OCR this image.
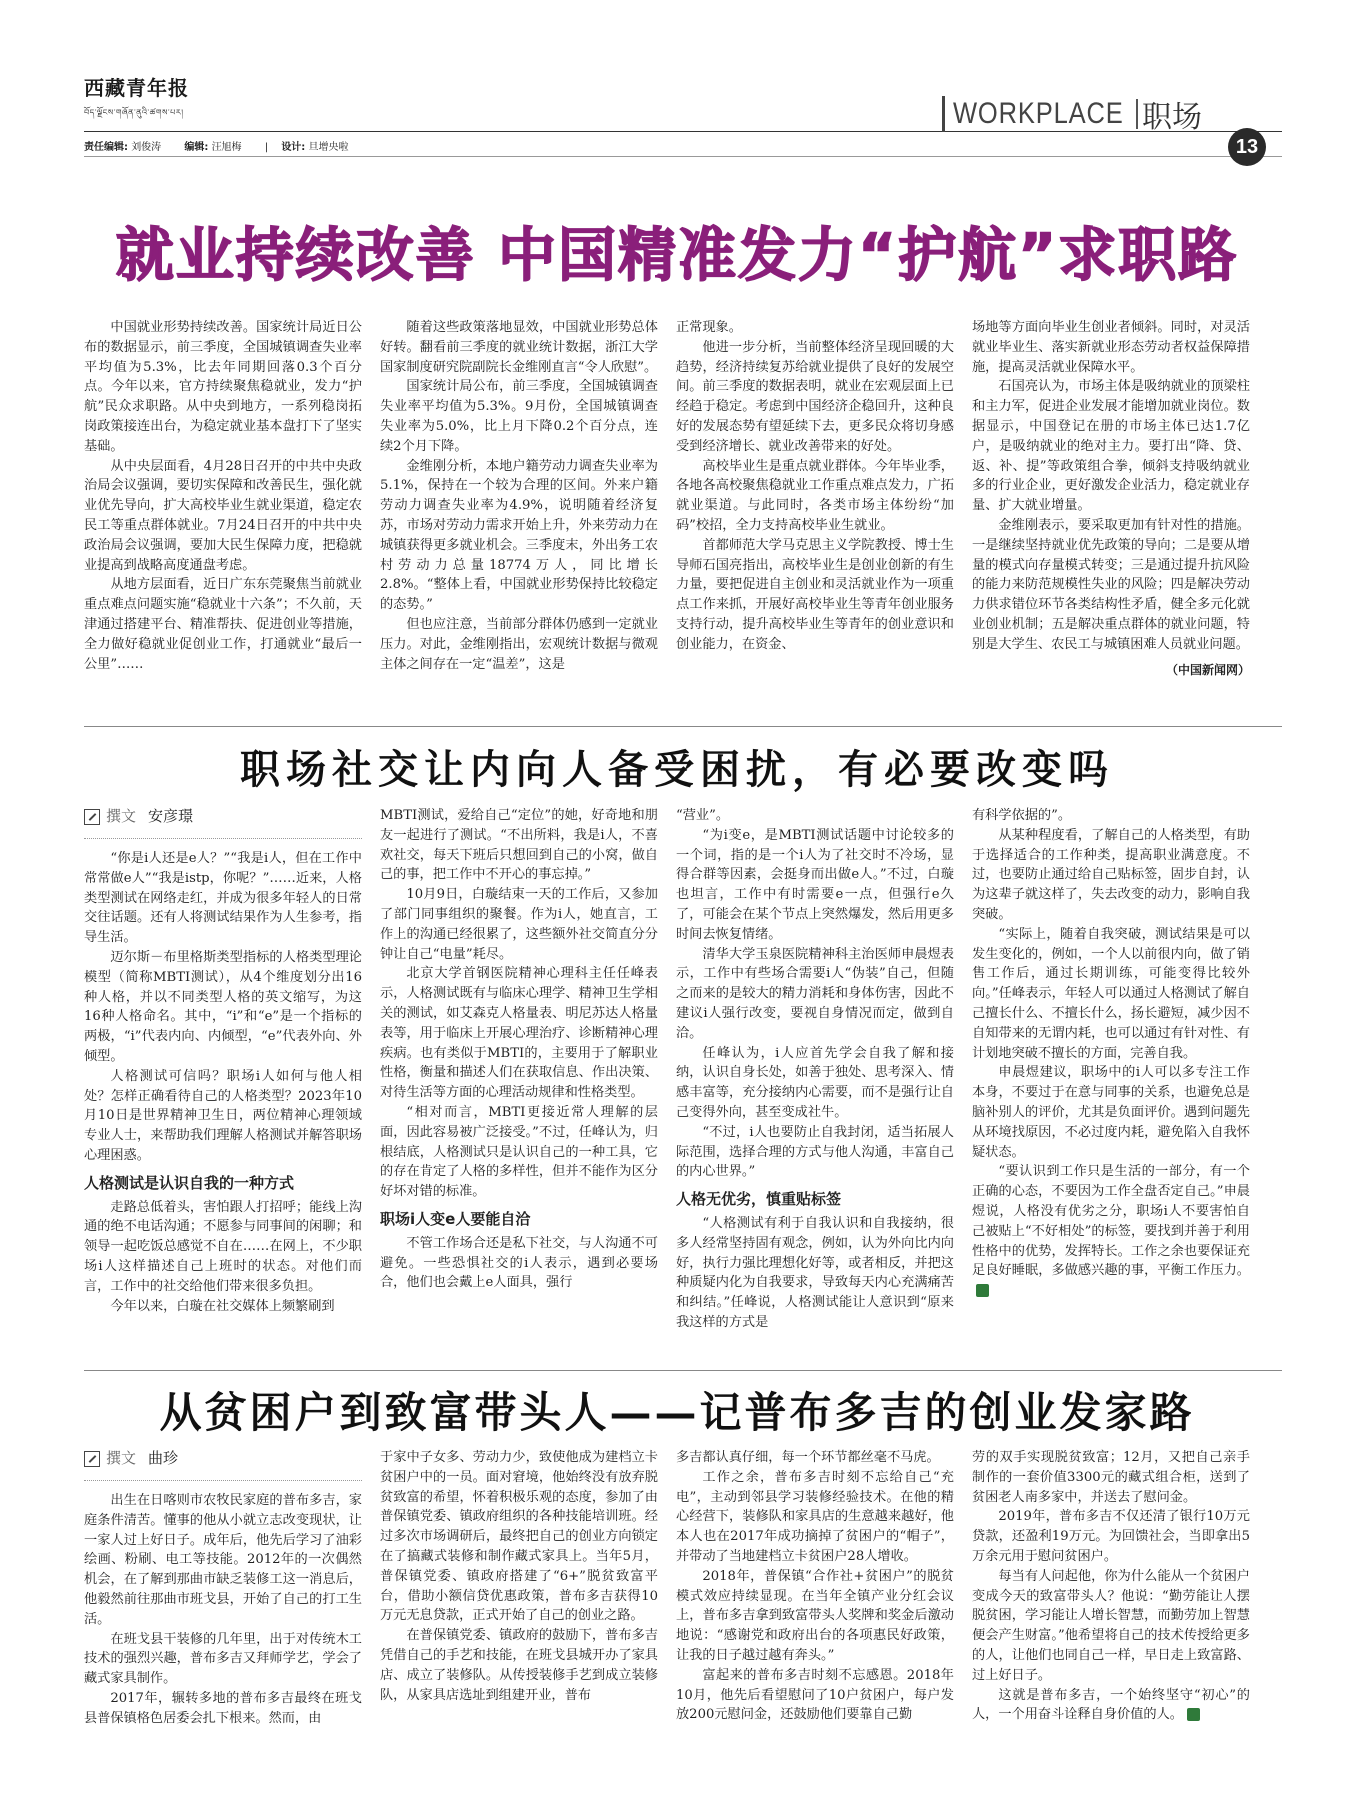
西藏青年报
བོད་ལྗོངས་གཞོན་ནུའི་ཚགས་པར།
责任编辑: 刘俊涛 编辑: 汪旭梅 | 设计: 旦增央啦
WORKPLACE 职场
13
就业持续改善 中国精准发力“护航”求职路

中国就业形势持续改善。国家统计局近日公布的数据显示，前三季度，全国城镇调查失业率平均值为5.3%，比去年同期回落0.3个百分点。今年以来，官方持续聚焦稳就业，发力“护航”民众求职路。从中央到地方，一系列稳岗拓岗政策接连出台，为稳定就业基本盘打下了坚实基础。

从中央层面看，4月28日召开的中共中央政治局会议强调，要切实保障和改善民生，强化就业优先导向，扩大高校毕业生就业渠道，稳定农民工等重点群体就业。7月24日召开的中共中央政治局会议强调，要加大民生保障力度，把稳就业提高到战略高度通盘考虑。

从地方层面看，近日广东东莞聚焦当前就业重点难点问题实施“稳就业十六条”；不久前，天津通过搭建平台、精准帮扶、促进创业等措施，全力做好稳就业促创业工作，打通就业“最后一公里”……

随着这些政策落地显效，中国就业形势总体好转。翻看前三季度的就业统计数据，浙江大学国家制度研究院副院长金维刚直言“令人欣慰”。

国家统计局公布，前三季度，全国城镇调查失业率平均值为5.3%。9月份，全国城镇调查失业率为5.0%，比上月下降0.2个百分点，连续2个月下降。

金维刚分析，本地户籍劳动力调查失业率为5.1%，保持在一个较为合理的区间。外来户籍劳动力调查失业率为4.9%，说明随着经济复苏，市场对劳动力需求开始上升，外来劳动力在城镇获得更多就业机会。三季度末，外出务工农村劳动力总量18774万人，同比增长2.8%。“整体上看，中国就业形势保持比较稳定的态势。”

但也应注意，当前部分群体仍感到一定就业压力。对此，金维刚指出，宏观统计数据与微观主体之间存在一定“温差”，这是

正常现象。

他进一步分析，当前整体经济呈现回暖的大趋势，经济持续复苏给就业提供了良好的发展空间。前三季度的数据表明，就业在宏观层面上已经趋于稳定。考虑到中国经济企稳回升，这种良好的发展态势有望延续下去，更多民众将切身感受到经济增长、就业改善带来的好处。

高校毕业生是重点就业群体。今年毕业季，各地各高校聚焦稳就业工作重点难点发力，广拓就业渠道。与此同时，各类市场主体纷纷“加码”校招，全力支持高校毕业生就业。

首都师范大学马克思主义学院教授、博士生导师石国亮指出，高校毕业生是创业创新的有生力量，要把促进自主创业和灵活就业作为一项重点工作来抓，开展好高校毕业生等青年创业服务支持行动，提升高校毕业生等青年的创业意识和创业能力，在资金、

场地等方面向毕业生创业者倾斜。同时，对灵活就业毕业生、落实新就业形态劳动者权益保障措施，提高灵活就业保障水平。

石国亮认为，市场主体是吸纳就业的顶梁柱和主力军，促进企业发展才能增加就业岗位。数据显示，中国登记在册的市场主体已达1.7亿户，是吸纳就业的绝对主力。要打出“降、贷、返、补、提”等政策组合拳，倾斜支持吸纳就业多的行业企业，更好激发企业活力，稳定就业存量、扩大就业增量。

金维刚表示，要采取更加有针对性的措施。一是继续坚持就业优先政策的导向；二是要从增量的模式向存量模式转变；三是通过提升抗风险的能力来防范规模性失业的风险；四是解决劳动力供求错位环节各类结构性矛盾，健全多元化就业创业机制；五是解决重点群体的就业问题，特别是大学生、农民工与城镇困难人员就业问题。

（中国新闻网）
职场社交让内向人备受困扰，有必要改变吗
撰文 安彦璟

“你是i人还是e人？”“我是i人，但在工作中常常做e人”“我是istp，你呢？”……近来，人格类型测试在网络走红，并成为很多年轻人的日常交往话题。还有人将测试结果作为人生参考，指导生活。

迈尔斯－布里格斯类型指标的人格类型理论模型（简称MBTI测试），从4个维度划分出16种人格，并以不同类型人格的英文缩写，为这16种人格命名。其中，“i”和“e”是一个指标的两极，“i”代表内向、内倾型，“e”代表外向、外倾型。

人格测试可信吗？职场i人如何与他人相处？怎样正确看待自己的人格类型？2023年10月10日是世界精神卫生日，两位精神心理领域专业人士，来帮助我们理解人格测试并解答职场心理困惑。

人格测试是认识自我的一种方式

走路总低着头，害怕跟人打招呼；能线上沟通的绝不电话沟通；不愿参与同事间的闲聊；和领导一起吃饭总感觉不自在……在网上，不少职场i人这样描述自己上班时的状态。对他们而言，工作中的社交给他们带来很多负担。

今年以来，白璇在社交媒体上频繁刷到

MBTI测试，爱给自己“定位”的她，好奇地和朋友一起进行了测试。“不出所料，我是i人，不喜欢社交，每天下班后只想回到自己的小窝，做自己的事，把工作中不开心的事忘掉。”

10月9日，白璇结束一天的工作后，又参加了部门同事组织的聚餐。作为i人，她直言，工作上的沟通已经很累了，这些额外社交简直分分钟让自己“电量”耗尽。

北京大学首钢医院精神心理科主任任峰表示，人格测试既有与临床心理学、精神卫生学相关的测试，如艾森克人格量表、明尼苏达人格量表等，用于临床上开展心理治疗、诊断精神心理疾病。也有类似于MBTI的，主要用于了解职业性格，衡量和描述人们在获取信息、作出决策、对待生活等方面的心理活动规律和性格类型。

“相对而言，MBTI更接近常人理解的层面，因此容易被广泛接受。”不过，任峰认为，归根结底，人格测试只是认识自己的一种工具，它的存在肯定了人格的多样性，但并不能作为区分好坏对错的标准。

职场i人变e人要能自洽

不管工作场合还是私下社交，与人沟通不可避免。一些恐惧社交的i人表示，遇到必要场合，他们也会戴上e人面具，强行

“营业”。

“为i变e，是MBTI测试话题中讨论较多的一个词，指的是一个i人为了社交时不冷场，显得合群等因素，会挺身而出做e人。”不过，白璇也坦言，工作中有时需要e一点，但强行e久了，可能会在某个节点上突然爆发，然后用更多时间去恢复情绪。

清华大学玉泉医院精神科主治医师申晨煜表示，工作中有些场合需要i人“伪装”自己，但随之而来的是较大的精力消耗和身体伤害，因此不建议i人强行改变，要视自身情况而定，做到自洽。

任峰认为，i人应首先学会自我了解和接纳，认识自身长处，如善于独处、思考深入、情感丰富等，充分接纳内心需要，而不是强行让自己变得外向，甚至变成社牛。

“不过，i人也要防止自我封闭，适当拓展人际范围，选择合理的方式与他人沟通，丰富自己的内心世界。”

人格无优劣，慎重贴标签

“人格测试有利于自我认识和自我接纳，很多人经常坚持固有观念，例如，认为外向比内向好，执行力强比理想化好等，或者相反，并把这种质疑内化为自我要求，导致每天内心充满痛苦和纠结。”任峰说，人格测试能让人意识到“原来我这样的方式是

有科学依据的”。

从某种程度看，了解自己的人格类型，有助于选择适合的工作种类，提高职业满意度。不过，也要防止通过给自己贴标签，固步自封，认为这辈子就这样了，失去改变的动力，影响自我突破。

“实际上，随着自我突破，测试结果是可以发生变化的，例如，一个人以前很内向，做了销售工作后，通过长期训练，可能变得比较外向。”任峰表示，年轻人可以通过人格测试了解自己擅长什么、不擅长什么，扬长避短，减少因不自知带来的无谓内耗，也可以通过有针对性、有计划地突破不擅长的方面，完善自我。

申晨煜建议，职场中的i人可以多专注工作本身，不要过于在意与同事的关系，也避免总是脑补别人的评价，尤其是负面评价。遇到问题先从环境找原因，不必过度内耗，避免陷入自我怀疑状态。

“要认识到工作只是生活的一部分，有一个正确的心态，不要因为工作全盘否定自己。”申晨煜说，人格没有优劣之分，职场i人不要害怕自己被贴上“不好相处”的标签，要找到并善于利用性格中的优势，发挥特长。工作之余也要保证充足良好睡眠，多做感兴趣的事，平衡工作压力。

从贫困户到致富带头人——记普布多吉的创业发家路
撰文 曲珍

出生在日喀则市农牧民家庭的普布多吉，家庭条件清苦。懂事的他从小就立志改变现状，让一家人过上好日子。成年后，他先后学习了油彩绘画、粉刷、电工等技能。2012年的一次偶然机会，在了解到那曲市缺乏装修工这一消息后，他毅然前往那曲市班戈县，开始了自己的打工生活。

在班戈县干装修的几年里，出于对传统木工技术的强烈兴趣，普布多吉又拜师学艺，学会了藏式家具制作。

2017年，辗转多地的普布多吉最终在班戈县普保镇格色居委会扎下根来。然而，由

于家中子女多、劳动力少，致使他成为建档立卡贫困户中的一员。面对窘境，他始终没有放弃脱贫致富的希望，怀着积极乐观的态度，参加了由普保镇党委、镇政府组织的各种技能培训班。经过多次市场调研后，最终把自己的创业方向锁定在了搞藏式装修和制作藏式家具上。当年5月，普保镇党委、镇政府搭建了“6+”脱贫致富平台，借助小额信贷优惠政策，普布多吉获得10万元无息贷款，正式开始了自己的创业之路。

在普保镇党委、镇政府的鼓励下，普布多吉凭借自己的手艺和技能，在班戈县城开办了家具店、成立了装修队。从传授装修手艺到成立装修队，从家具店选址到组建开业，普布

多吉都认真仔细，每一个环节都丝毫不马虎。

工作之余，普布多吉时刻不忘给自己“充电”，主动到邻县学习装修经验技术。在他的精心经营下，装修队和家具店的生意越来越好，他本人也在2017年成功摘掉了贫困户的“帽子”，并带动了当地建档立卡贫困户28人增收。

2018年，普保镇“合作社+贫困户”的脱贫模式效应持续显现。在当年全镇产业分红会议上，普布多吉拿到致富带头人奖牌和奖金后激动地说：“感谢党和政府出台的各项惠民好政策，让我的日子越过越有奔头。”

富起来的普布多吉时刻不忘感恩。2018年10月，他先后看望慰问了10户贫困户，每户发放200元慰问金，还鼓励他们要靠自己勤

劳的双手实现脱贫致富；12月，又把自己亲手制作的一套价值3300元的藏式组合柜，送到了贫困老人南多家中，并送去了慰问金。

2019年，普布多吉不仅还清了银行10万元贷款，还盈利19万元。为回馈社会，当即拿出5万余元用于慰问贫困户。

每当有人问起他，你为什么能从一个贫困户变成今天的致富带头人？他说：“勤劳能让人摆脱贫困，学习能让人增长智慧，而勤劳加上智慧便会产生财富。”他希望将自己的技术传授给更多的人，让他们也同自己一样，早日走上致富路、过上好日子。

这就是普布多吉，一个始终坚守“初心”的人，一个用奋斗诠释自身价值的人。
